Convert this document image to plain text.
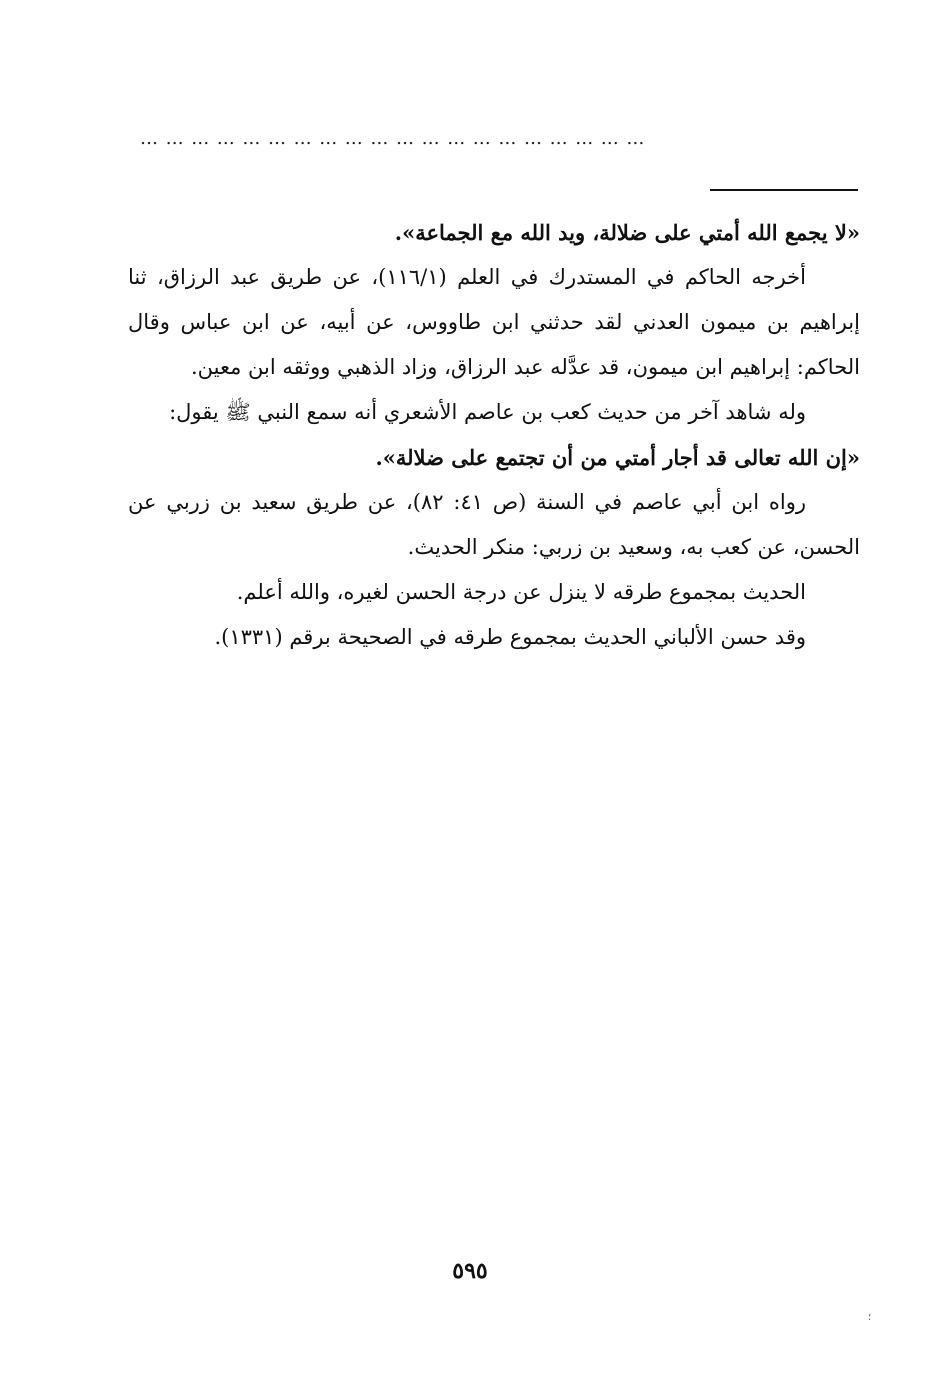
……………………………………………………

«لا يجمع الله أمتي على ضلالة، ويد الله مع الجماعة».

أخرجه الحاكم في المستدرك في العلم (١١٦/١)، عن طريق عبد الرزاق، ثنا إبراهيم بن ميمون العدني لقد حدثني ابن طاووس، عن أبيه، عن ابن عباس وقال الحاكم: إبراهيم ابن ميمون، قد عدَّله عبد الرزاق، وزاد الذهبي ووثقه ابن معين.

وله شاهد آخر من حديث كعب بن عاصم الأشعري أنه سمع النبي ﷺ يقول:

«إن الله تعالى قد أجار أمتي من أن تجتمع على ضلالة».

رواه ابن أبي عاصم في السنة (ص ٤١: ٨٢)، عن طريق سعيد بن زربي عن الحسن، عن كعب به، وسعيد بن زربي: منكر الحديث.

الحديث بمجموع طرقه لا ينزل عن درجة الحسن لغيره، والله أعلم.

وقد حسن الألباني الحديث بمجموع طرقه في الصحيحة برقم (١٣٣١).

٥٩٥
؛
